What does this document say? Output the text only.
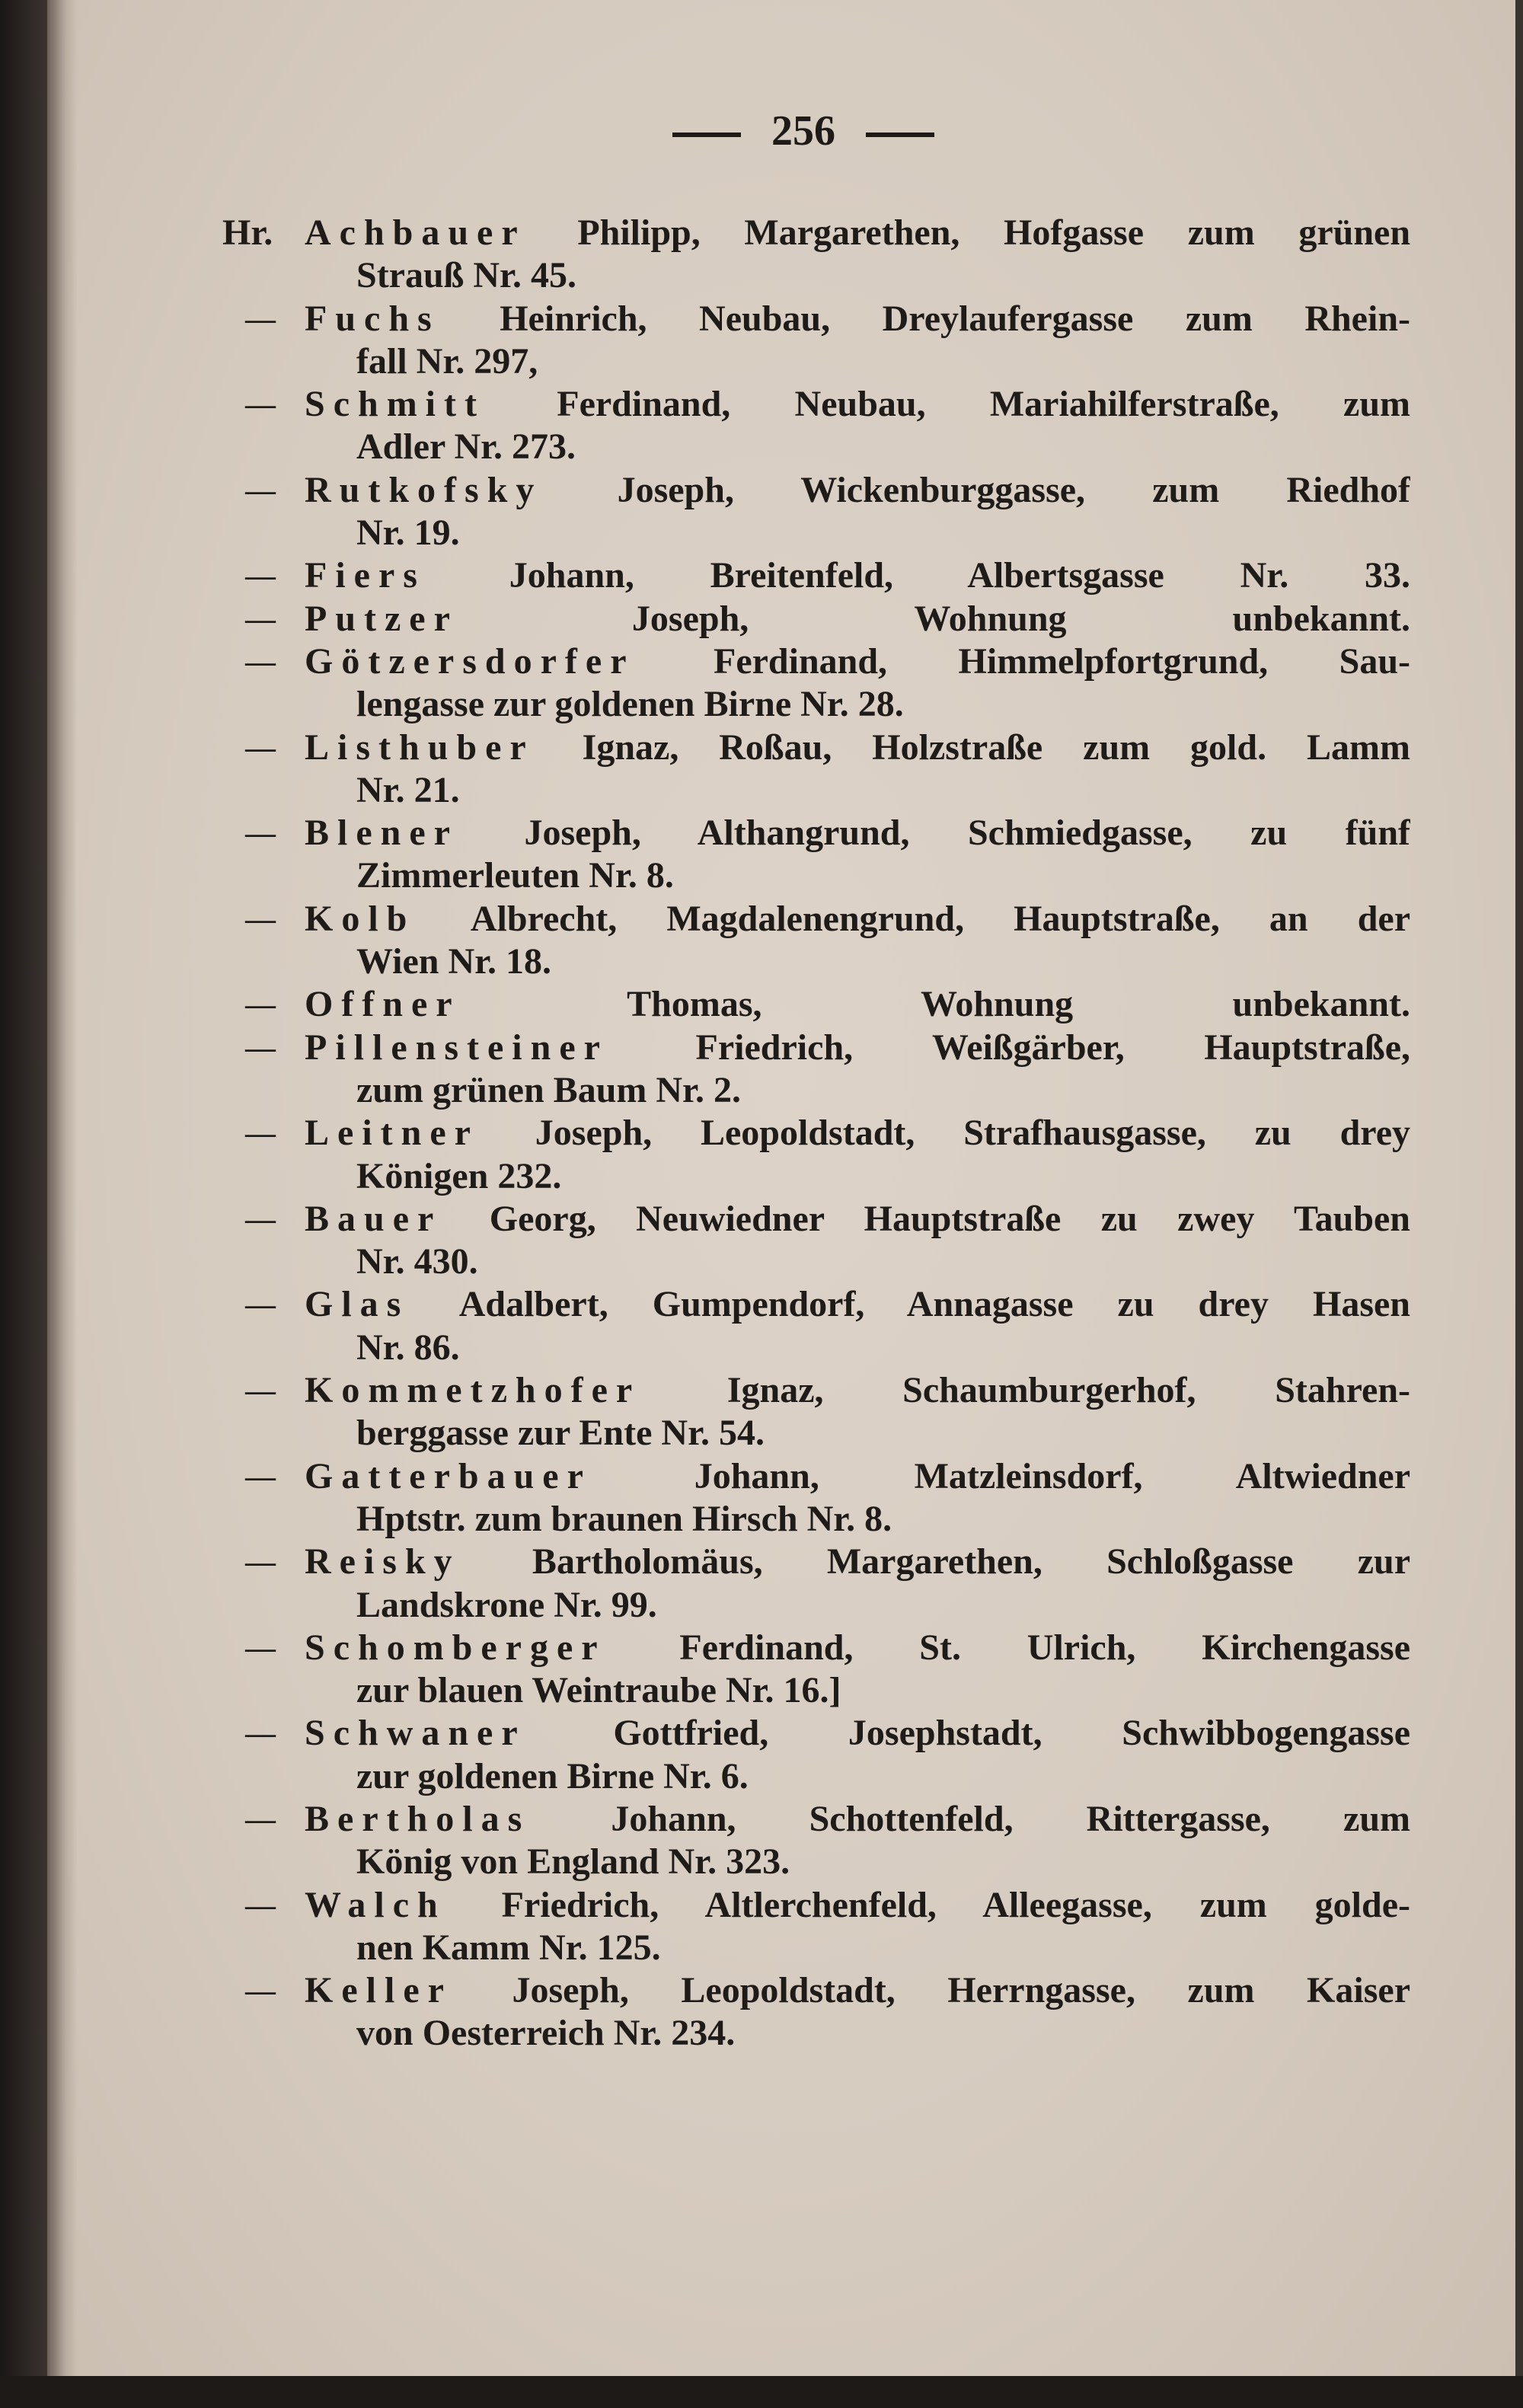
256
Hr. Achbauer Philipp, Margarethen, Hofgasse zum grünen
Strauß Nr. 45.
— Fuchs Heinrich, Neubau, Dreylaufergasse zum Rhein-
fall Nr. 297,
— Schmitt Ferdinand, Neubau, Mariahilferstraße, zum
Adler Nr. 273.
— Rutkofsky Joseph, Wickenburggasse, zum Riedhof
Nr. 19.
— Fiers Johann, Breitenfeld, Albertsgasse Nr. 33.
— Putzer	Joseph, Wohnung unbekannt.
— Götzersdorfer Ferdinand, Himmelpfortgrund, Sau-
lengasse zur goldenen Birne Nr. 28.
— Listhuber Ignaz, Roßau, Holzstraße zum gold. Lamm
Nr. 21.
— Blener Joseph, Althangrund, Schmiedgasse, zu fünf
Zimmerleuten Nr. 8.
— Kolb Albrecht, Magdalenengrund, Hauptstraße, an der
Wien Nr. 18.
— Offner	Thomas, Wohnung unbekannt.
— Pillensteiner Friedrich, Weißgärber, Hauptstraße,
zum grünen Baum Nr. 2.
— Leitner Joseph, Leopoldstadt, Strafhausgasse, zu drey
Königen 232.
— Bauer Georg, Neuwiedner Hauptstraße zu zwey Tauben
Nr. 430.
— Glas Adalbert, Gumpendorf, Annagasse zu drey Hasen
Nr. 86.
— Kommetzhofer Ignaz, Schaumburgerhof, Stahren-
berggasse zur Ente Nr. 54.
— Gatterbauer	Johann, Matzleinsdorf, Altwiedner
Hptstr. zum braunen Hirsch Nr. 8.
— Reisky Bartholomäus, Margarethen, Schloßgasse zur
Landskrone Nr. 99.
— Schomberger Ferdinand, St. Ulrich, Kirchengasse
zur blauen Weintraube Nr. 16.]
— Schwaner Gottfried, Josephstadt, Schwibbogengasse
zur goldenen Birne Nr. 6.
— Bertholas Johann, Schottenfeld, Rittergasse, zum
König von England Nr. 323.
— Walch Friedrich, Altlerchenfeld, Alleegasse, zum golde-
nen Kamm Nr. 125.
— Keller Joseph, Leopoldstadt, Herrngasse, zum Kaiser
von Oesterreich Nr. 234.
